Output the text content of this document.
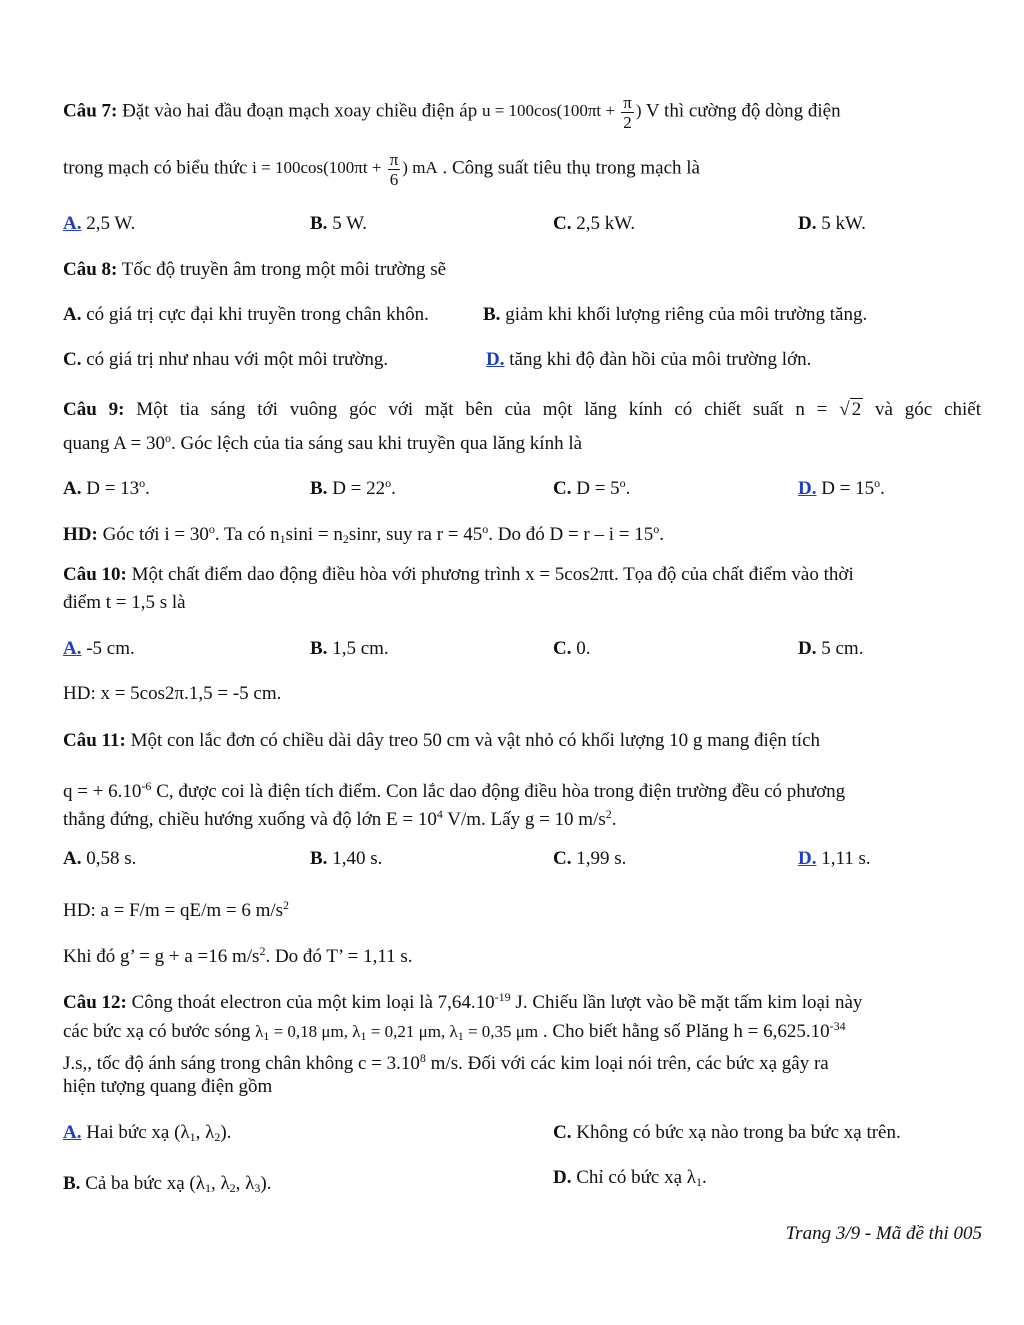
Câu 7: Đặt vào hai đầu đoạn mạch xoay chiều điện áp $u = 100\cos(100\pi t + \frac{\pi}{2}$ ) V thì cường độ dòng điện
trong mạch có biểu thức $i = 100\cos(100\pi t + \frac{\pi}{6}$ ) mA . Công suất tiêu thụ trong mạch là
A. 2,5 W.	B. 5 W.	C. 2,5 kW.	D. 5 kW.
Câu 8: Tốc độ truyền âm trong một môi trường sẽ
A. có giá trị cực đại khi truyền trong chân khôn.	B. giảm khi khối lượng riêng của môi trường tăng.
C. có giá trị như nhau với một môi trường.	D. tăng khi độ đàn hồi của môi trường lớn.
Câu 9: Một tia sáng tới vuông góc với mặt bên của một lăng kính có chiết suất n = √ 2 và góc chiết
quang $A = 30^o$. Góc lệch của tia sáng sau khi truyền qua lăng kính là
A. $D = 13^o$.	B. $D = 22^o$.	C. $D = 5^o$.	D. $D = 15^o$.
HD: Góc tới $i = 30^o$. Ta có $n_1\sin i = n_2\sin r$, suy ra $r = 45^o$. Do đó $D = r - i = 15^o$.
Câu 10: Một chất điểm dao động điều hòa với phương trình x = 5cos2πt. Tọa độ của chất điểm vào thời
điểm t = 1,5 s là
A. -5 cm.	B. 1,5 cm.	C. 0.	D. 5 cm.
HD: x = 5cos2π.1,5 = -5 cm.
Câu 11: Một con lắc đơn có chiều dài dây treo 50 cm và vật nhỏ có khối lượng 10 g mang điện tích
q = + $6.10^{-6}$ C, được coi là điện tích điểm. Con lắc dao động điều hòa trong điện trường đều có phương
thẳng đứng, chiều hướng xuống và độ lớn $E = 10^4$ V/m. Lấy g = 10 $m/s^2$.
A. 0,58 s.	B. 1,40 s.	C. 1,99 s.	D. 1,11 s.
HD: a = F/m = qE/m = 6 $m/s^2$
Khi đó g’ = g + a =16 $m/s^2$. Do đó T’ = 1,11 s.
Câu 12: Công thoát electron của một kim loại là $7,64.10^{-19}$ J. Chiếu lần lượt vào bề mặt tấm kim loại này
các bức xạ có bước sóng $\lambda_1 = 0,18$ μm, $\lambda_1 = 0,21$ μm, $\lambda_1 = 0,35$ μm . Cho biết hằng số Plăng $h = 6,625.10^{-34}$
J.s,, tốc độ ánh sáng trong chân không $c = 3.10^8$ m/s. Đối với các kim loại nói trên, các bức xạ gây ra
hiện tượng quang điện gồm
A. Hai bức xạ ($\lambda_1$, $\lambda_2$).	C. Không có bức xạ nào trong ba bức xạ trên.
B. Cả ba bức xạ ($\lambda_1$, $\lambda_2$, $\lambda_3$).	D. Chỉ có bức xạ $\lambda_1$.
Trang 3/9 - Mã đề thi 005
